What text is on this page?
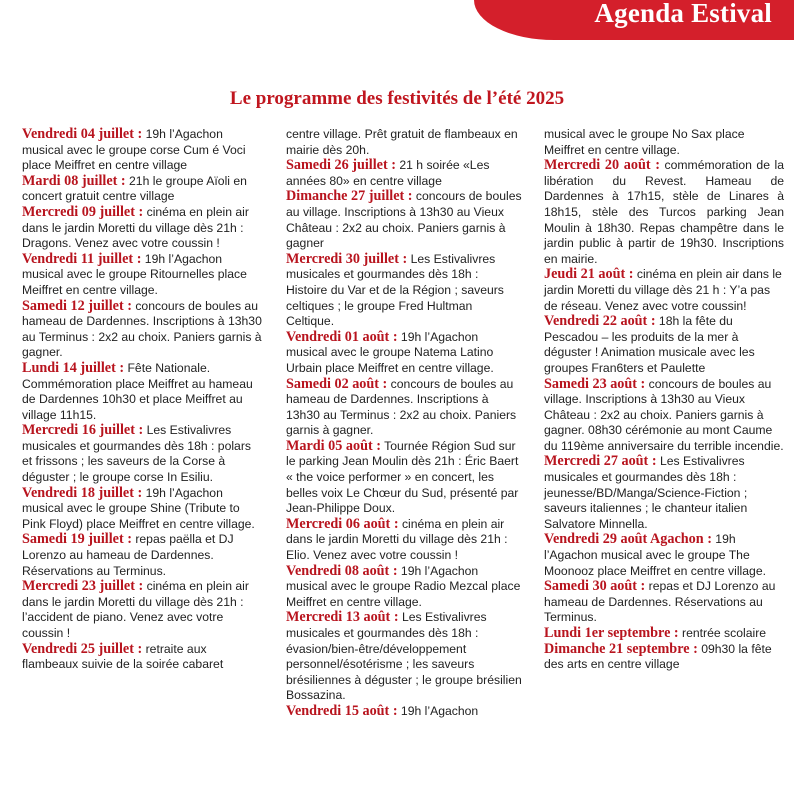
Agenda Estival
Le programme des festivités de l’été 2025

Vendredi 04 juillet : 19h l’Agachon musical avec le groupe corse Cum é Voci place Meiffret en centre village

Mardi 08 juillet : 21h le groupe Aïoli en concert gratuit centre village

Mercredi 09 juillet : cinéma en plein air dans le jardin Moretti du village dès 21h : Dragons. Venez avec votre coussin !

Vendredi 11 juillet : 19h l’Agachon musical avec le groupe Ritournelles place Meiffret en centre village.

Samedi 12 juillet : concours de boules au hameau de Dardennes. Inscriptions à 13h30 au Terminus : 2x2 au choix. Paniers garnis à gagner.

Lundi 14 juillet : Fête Nationale. Commémoration place Meiffret au hameau de Dardennes 10h30 et place Meiffret au village 11h15.

Mercredi 16 juillet : Les Estivalivres musicales et gourmandes dès 18h : polars et frissons ; les saveurs de la Corse à déguster ; le groupe corse In Esiliu.

Vendredi 18 juillet : 19h l’Agachon musical avec le groupe Shine (Tribute to Pink Floyd) place Meiffret en centre village.

Samedi 19 juillet : repas paëlla et DJ Lorenzo au hameau de Dardennes. Réservations au Terminus.

Mercredi 23 juillet : cinéma en plein air dans le jardin Moretti du village dès 21h : l’accident de piano. Venez avec votre coussin !

Vendredi 25 juillet : retraite aux flambeaux suivie de la soirée cabaret

centre village. Prêt gratuit de flambeaux en mairie dès 20h.

Samedi 26 juillet : 21 h soirée «Les années 80» en centre village

Dimanche 27 juillet : concours de boules au village. Inscriptions à 13h30 au Vieux Château : 2x2 au choix. Paniers garnis à gagner

Mercredi 30 juillet : Les Estivalivres musicales et gourmandes dès 18h : Histoire du Var et de la Région ; saveurs celtiques ; le groupe Fred Hultman Celtique.

Vendredi 01 août : 19h l’Agachon musical avec le groupe Natema Latino Urbain place Meiffret en centre village.

Samedi 02 août : concours de boules au hameau de Dardennes. Inscriptions à 13h30 au Terminus : 2x2 au choix. Paniers garnis à gagner.

Mardi 05 août : Tournée Région Sud sur le parking Jean Moulin dès 21h : Éric Baert « the voice performer » en concert, les belles voix Le Chœur du Sud, présenté par Jean-Philippe Doux.

Mercredi 06 août : cinéma en plein air dans le jardin Moretti du village dès 21h : Elio. Venez avec votre coussin !

Vendredi 08 août : 19h l’Agachon musical avec le groupe Radio Mezcal place Meiffret en centre village.

Mercredi 13 août : Les Estivalivres musicales et gourmandes dès 18h : évasion/bien-être/développement personnel/ésotérisme ; les saveurs brésiliennes à déguster ; le groupe brésilien Bossazina.

Vendredi 15 août : 19h l’Agachon

musical avec le groupe No Sax place Meiffret en centre village.

Mercredi 20 août : commémoration de la libération du Revest. Hameau de Dardennes à 17h15, stèle de Linares à 18h15, stèle des Turcos parking Jean Moulin à 18h30. Repas champêtre dans le jardin public à partir de 19h30. Inscriptions en mairie.

Jeudi 21 août : cinéma en plein air dans le jardin Moretti du village dès 21 h : Y’a pas de réseau. Venez avec votre coussin!

Vendredi 22 août : 18h la fête du Pescadou – les produits de la mer à déguster ! Animation musicale avec les groupes Fran6ters et Paulette

Samedi 23 août : concours de boules au village. Inscriptions à 13h30 au Vieux Château : 2x2 au choix. Paniers garnis à gagner. 08h30 cérémonie au mont Caume du 119ème anniversaire du terrible incendie.

Mercredi 27 août : Les Estivalivres musicales et gourmandes dès 18h : jeunesse/BD/Manga/Science-Fiction ; saveurs italiennes ; le chanteur italien Salvatore Minnella.

Vendredi 29 août Agachon : 19h l’Agachon musical avec le groupe The Moonooz place Meiffret en centre village.

Samedi 30 août : repas et DJ Lorenzo au hameau de Dardennes. Réservations au Terminus.

Lundi 1er septembre : rentrée scolaire

Dimanche 21 septembre : 09h30 la fête des arts en centre village
